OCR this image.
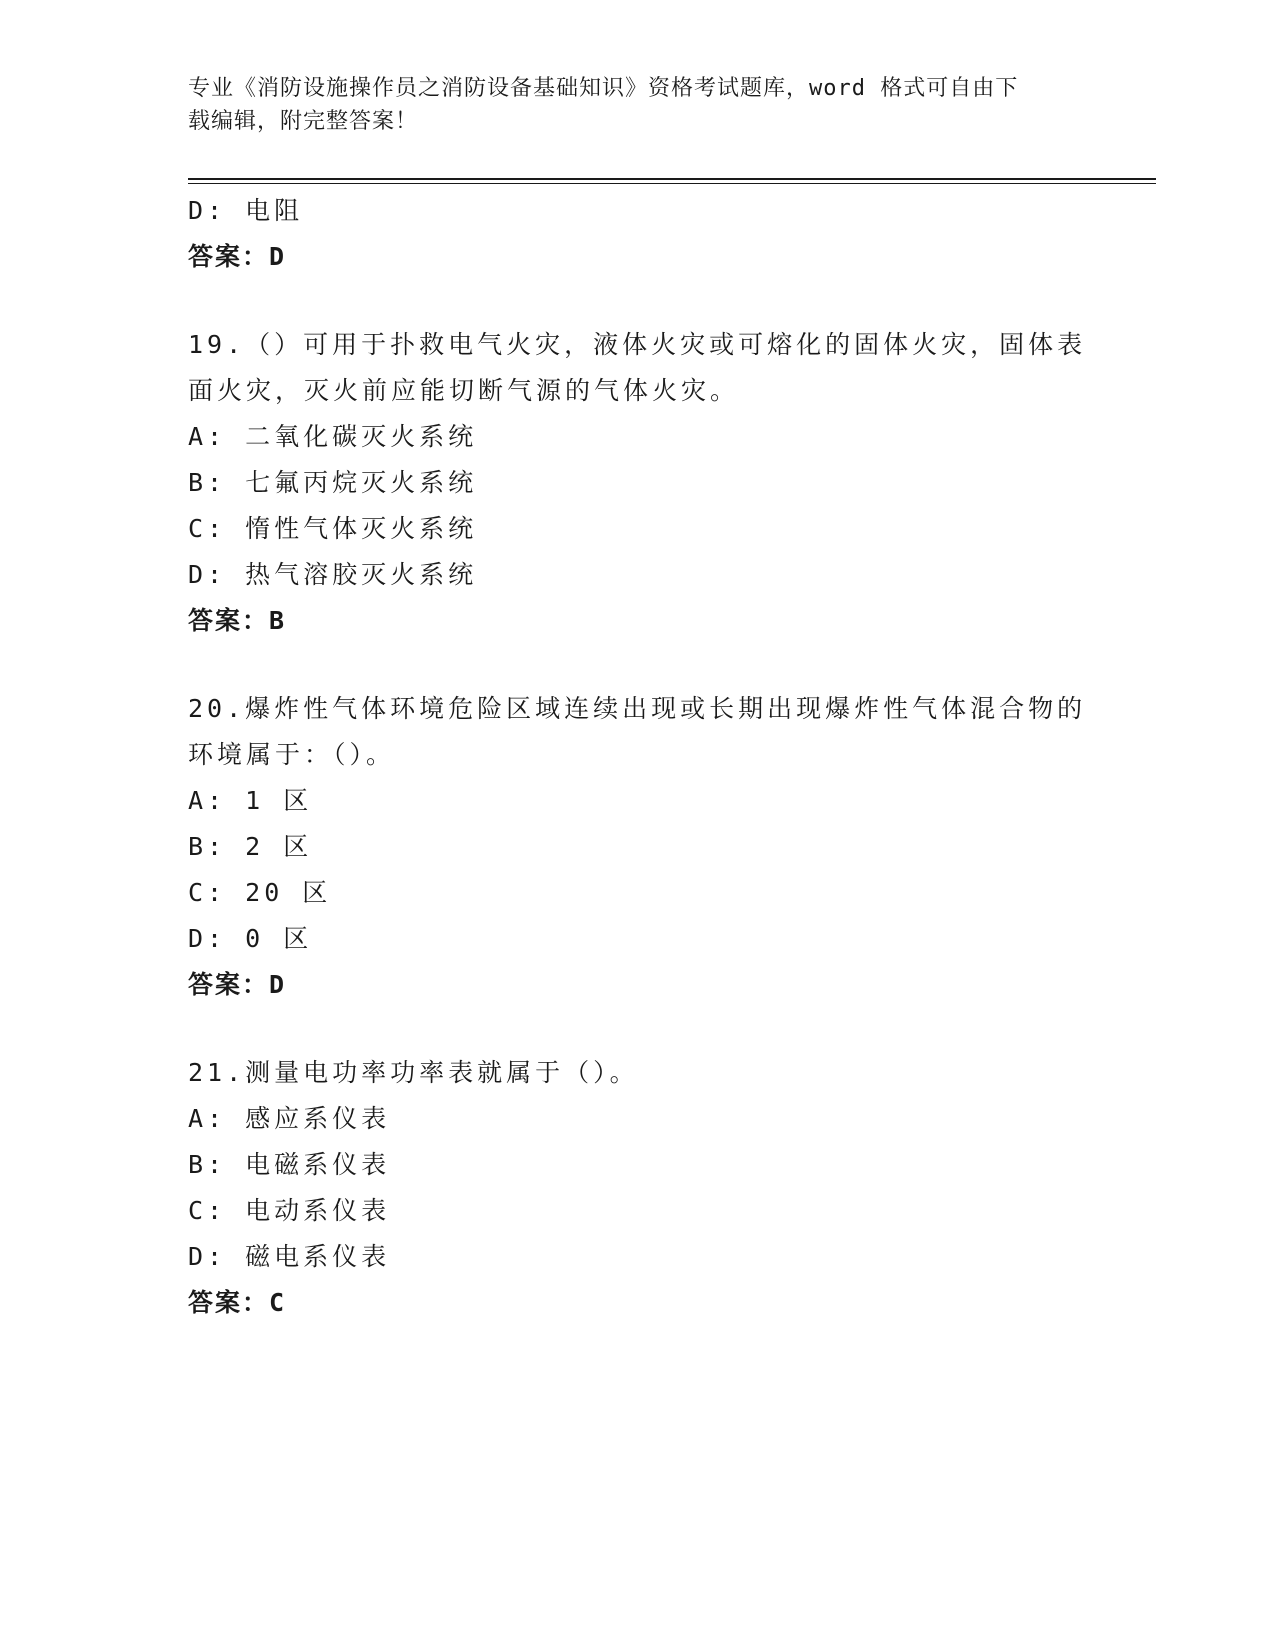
专业《消防设施操作员之消防设备基础知识》资格考试题库，word 格式可自由下
载编辑，附完整答案！
D: 电阻
答案：D
19.（）可用于扑救电气火灾，液体火灾或可熔化的固体火灾，固体表
面火灾，灭火前应能切断气源的气体火灾。
A: 二氧化碳灭火系统
B: 七氟丙烷灭火系统
C: 惰性气体灭火系统
D: 热气溶胶灭火系统
答案：B
20.爆炸性气体环境危险区域连续出现或长期出现爆炸性气体混合物的
环境属于：（）。
A: 1 区
B: 2 区
C: 20 区
D: 0 区
答案：D
21.测量电功率功率表就属于（）。
A: 感应系仪表
B: 电磁系仪表
C: 电动系仪表
D: 磁电系仪表
答案：C
